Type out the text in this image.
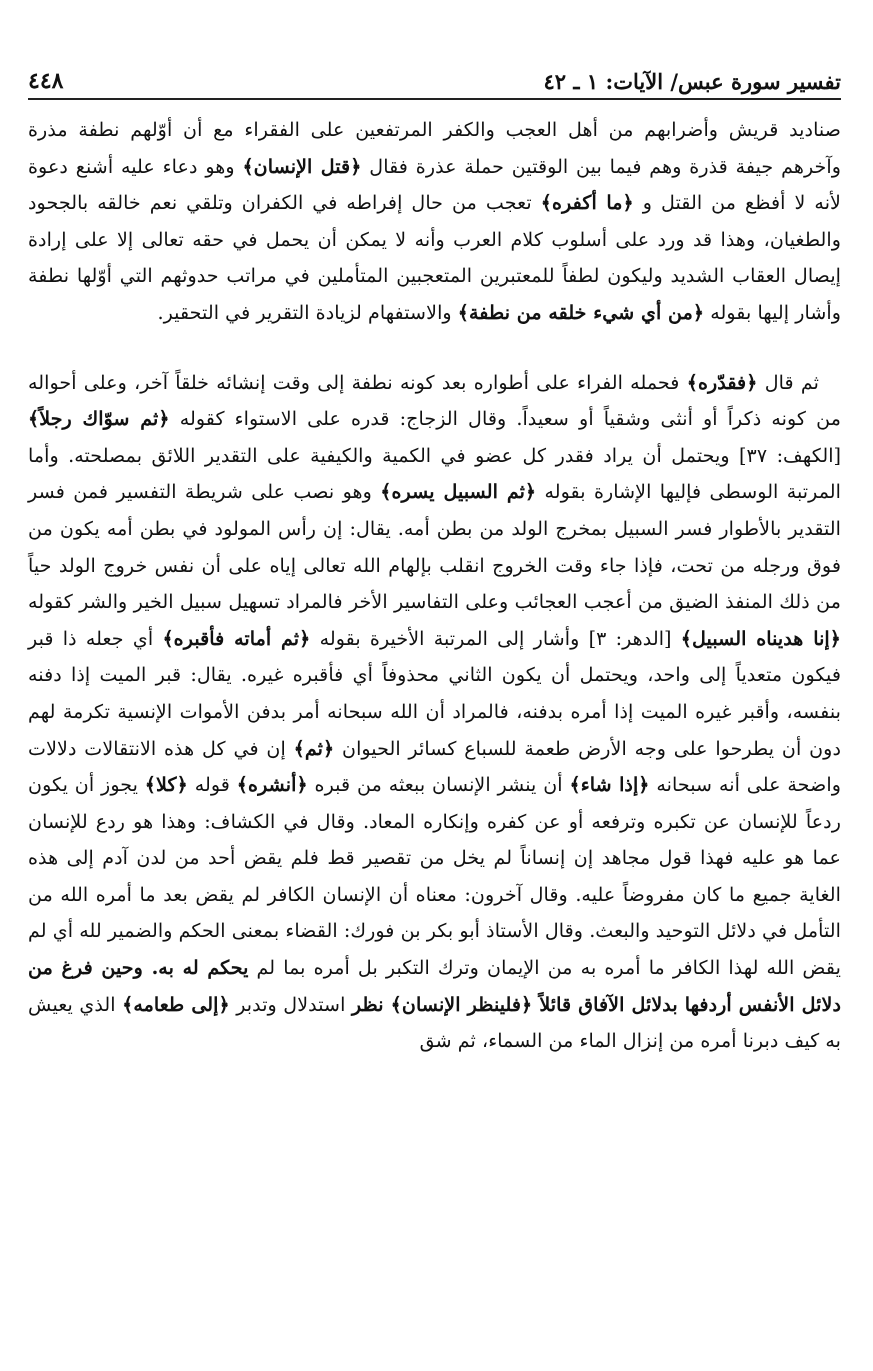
تفسير سورة عبس/ الآيات: ١ ـ ٤٢
٤٤٨

صناديد قريش وأضرابهم من أهل العجب والكفر المرتفعين على الفقراء مع أن أوّلهم نطفة مذرة وآخرهم جيفة قذرة وهم فيما بين الوقتين حملة عذرة فقال ﴿قتل الإنسان﴾ وهو دعاء عليه أشنع دعوة لأنه لا أفظع من القتل و ﴿ما أكفره﴾ تعجب من حال إفراطه في الكفران وتلقي نعم خالقه بالجحود والطغيان، وهذا قد ورد على أسلوب كلام العرب وأنه لا يمكن أن يحمل في حقه تعالى إلا على إرادة إيصال العقاب الشديد وليكون لطفاً للمعتبرين المتعجبين المتأملين في مراتب حدوثهم التي أوّلها نطفة وأشار إليها بقوله ﴿من أي شيء خلقه من نطفة﴾ والاستفهام لزيادة التقرير في التحقير.

ثم قال ﴿فقدّره﴾ فحمله الفراء على أطواره بعد كونه نطفة إلى وقت إنشائه خلقاً آخر، وعلى أحواله من كونه ذكراً أو أنثى وشقياً أو سعيداً. وقال الزجاج: قدره على الاستواء كقوله ﴿ثم سوّاك رجلاً﴾ [الكهف: ٣٧] ويحتمل أن يراد فقدر كل عضو في الكمية والكيفية على التقدير اللائق بمصلحته. وأما المرتبة الوسطى فإليها الإشارة بقوله ﴿ثم السبيل يسره﴾ وهو نصب على شريطة التفسير فمن فسر التقدير بالأطوار فسر السبيل بمخرج الولد من بطن أمه. يقال: إن رأس المولود في بطن أمه يكون من فوق ورجله من تحت، فإذا جاء وقت الخروج انقلب بإلهام الله تعالى إياه على أن نفس خروج الولد حياً من ذلك المنفذ الضيق من أعجب العجائب وعلى التفاسير الأخر فالمراد تسهيل سبيل الخير والشر كقوله ﴿إنا هديناه السبيل﴾ [الدهر: ٣] وأشار إلى المرتبة الأخيرة بقوله ﴿ثم أماته فأقبره﴾ أي جعله ذا قبر فيكون متعدياً إلى واحد، ويحتمل أن يكون الثاني محذوفاً أي فأقبره غيره. يقال: قبر الميت إذا دفنه بنفسه، وأقبر غيره الميت إذا أمره بدفنه، فالمراد أن الله سبحانه أمر بدفن الأموات الإنسية تكرمة لهم دون أن يطرحوا على وجه الأرض طعمة للسباع كسائر الحيوان ﴿ثم﴾ إن في كل هذه الانتقالات دلالات واضحة على أنه سبحانه ﴿إذا شاء﴾ أن ينشر الإنسان ببعثه من قبره ﴿أنشره﴾ قوله ﴿كلا﴾ يجوز أن يكون ردعاً للإنسان عن تكبره وترفعه أو عن كفره وإنكاره المعاد. وقال في الكشاف: وهذا هو ردع للإنسان عما هو عليه فهذا قول مجاهد إن إنساناً لم يخل من تقصير قط فلم يقض أحد من لدن آدم إلى هذه الغاية جميع ما كان مفروضاً عليه. وقال آخرون: معناه أن الإنسان الكافر لم يقض بعد ما أمره الله من التأمل في دلائل التوحيد والبعث. وقال الأستاذ أبو بكر بن فورك: القضاء بمعنى الحكم والضمير لله أي لم يقض الله لهذا الكافر ما أمره به من الإيمان وترك التكبر بل أمره بما لم يحكم له به. وحين فرغ من دلائل الأنفس أردفها بدلائل الآفاق قائلاً ﴿فلينظر الإنسان﴾ نظر استدلال وتدبر ﴿إلى طعامه﴾ الذي يعيش به كيف دبرنا أمره من إنزال الماء من السماء، ثم شق
